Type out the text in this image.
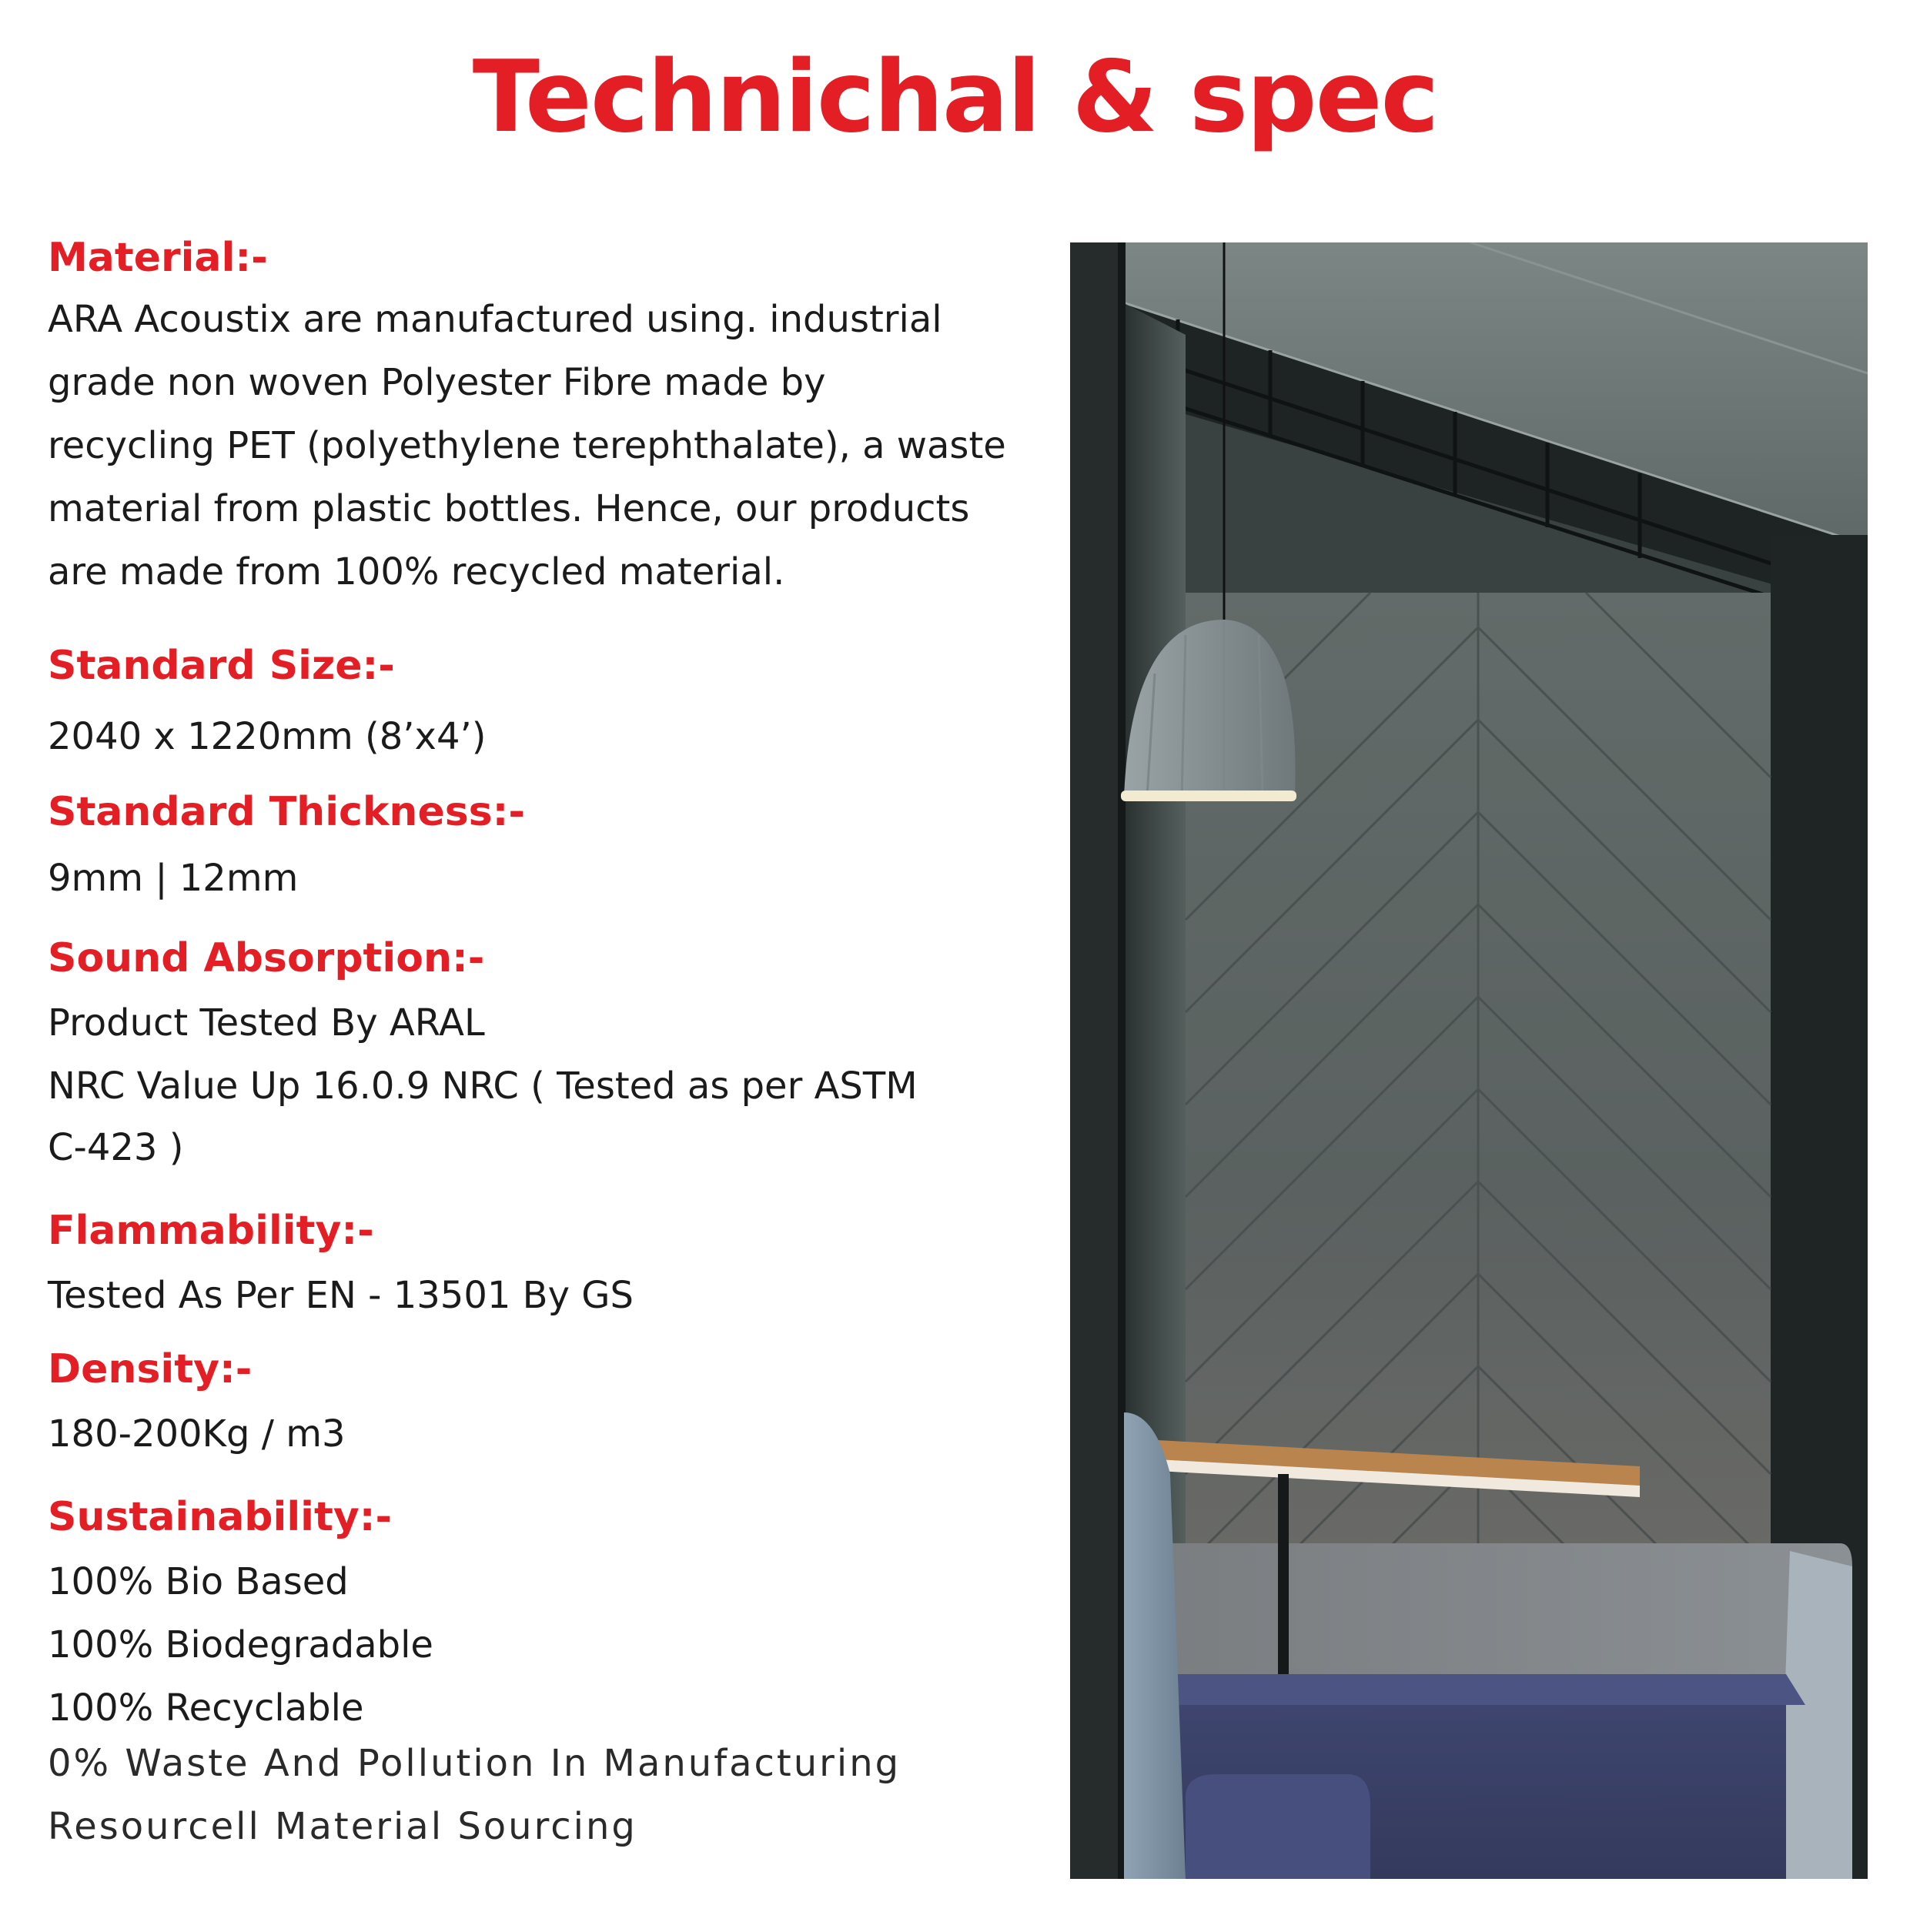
Technichal & spec
Material:-
ARA Acoustix are manufactured using. industrial
grade non woven Polyester Fibre made by
recycling PET (polyethylene terephthalate), a waste
material from plastic bottles. Hence, our products
are made from 100% recycled material.
Standard Size:-
2040 x 1220mm (8’x4’)
Standard Thickness:-
9mm | 12mm
Sound Absorption:-
Product Tested By ARAL
NRC Value Up 16.0.9 NRC ( Tested as per ASTM
C-423 )
Flammability:-
Tested As Per EN - 13501 By GS
Density:-
180-200Kg / m3
Sustainability:-
100% Bio Based
100% Biodegradable
100% Recyclable
0% Waste And Pollution In Manufacturing
Resourcell Material Sourcing
